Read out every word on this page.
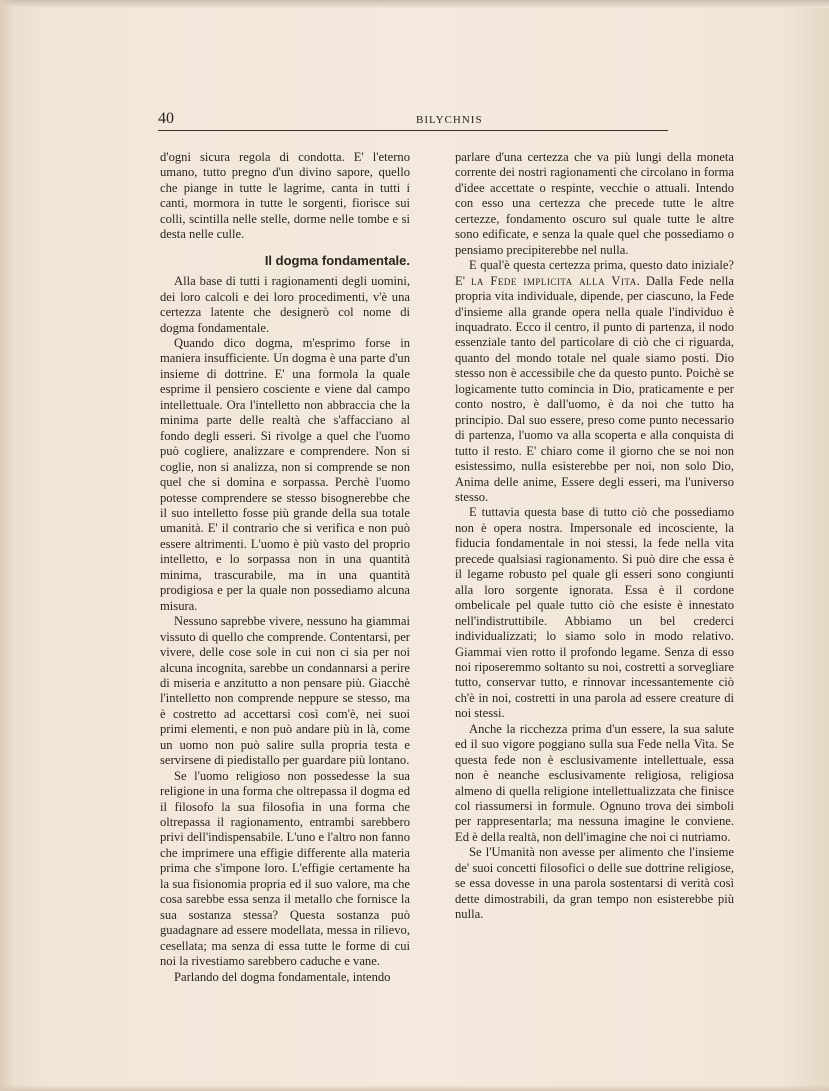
40	BILYCHNIS

d'ogni sicura regola di condotta. E' l'eterno umano, tutto pregno d'un divino sapore, quello che piange in tutte le lagrime, canta in tutti i canti, mormora in tutte le sorgenti, fiorisce sui colli, scintilla nelle stelle, dorme nelle tombe e si desta nelle culle.

Il dogma fondamentale.

Alla base di tutti i ragionamenti degli uomini, dei loro calcoli e dei loro procedimenti, v'è una certezza latente che designerò col nome di dogma fondamentale.

Quando dico dogma, m'esprimo forse in maniera insufficiente. Un dogma è una parte d'un insieme di dottrine. E' una formola la quale esprime il pensiero cosciente e viene dal campo intellettuale. Ora l'intelletto non abbraccia che la minima parte delle realtà che s'affacciano al fondo degli esseri. Si rivolge a quel che l'uomo può cogliere, analizzare e comprendere. Non si coglie, non si analizza, non si comprende se non quel che si domina e sorpassa. Perchè l'uomo potesse comprendere se stesso bisognerebbe che il suo intelletto fosse più grande della sua totale umanità. E' il contrario che si verifica e non può essere altrimenti. L'uomo è più vasto del proprio intelletto, e lo sorpassa non in una quantità minima, trascurabile, ma in una quantità prodigiosa e per la quale non possediamo alcuna misura.

Nessuno saprebbe vivere, nessuno ha giammai vissuto di quello che comprende. Contentarsi, per vivere, delle cose sole in cui non ci sia per noi alcuna incognita, sarebbe un condannarsi a perire di miseria e anzitutto a non pensare più. Giacchè l'intelletto non comprende neppure se stesso, ma è costretto ad accettarsi così com'è, nei suoi primi elementi, e non può andare più in là, come un uomo non può salire sulla propria testa e servirsene di piedistallo per guardare più lontano.

Se l'uomo religioso non possedesse la sua religione in una forma che oltrepassa il dogma ed il filosofo la sua filosofia in una forma che oltrepassa il ragionamento, entrambi sarebbero privi dell'indispensabile. L'uno e l'altro non fanno che imprimere una effigie differente alla materia prima che s'impone loro. L'effigie certamente ha la sua fisionomia propria ed il suo valore, ma che cosa sarebbe essa senza il metallo che fornisce la sua sostanza stessa? Questa sostanza può guadagnare ad essere modellata, messa in rilievo, cesellata; ma senza di essa tutte le forme di cui noi la rivestiamo sarebbero caduche e vane.

Parlando del dogma fondamentale, intendo

parlare d'una certezza che va più lungi della moneta corrente dei nostri ragionamenti che circolano in forma d'idee accettate o respinte, vecchie o attuali. Intendo con esso una certezza che precede tutte le altre certezze, fondamento oscuro sul quale tutte le altre sono edificate, e senza la quale quel che possediamo o pensiamo precipiterebbe nel nulla.

E qual'è questa certezza prima, questo dato iniziale? E' la Fede implicita alla Vita. Dalla Fede nella propria vita individuale, dipende, per ciascuno, la Fede d'insieme alla grande opera nella quale l'individuo è inquadrato. Ecco il centro, il punto di partenza, il nodo essenziale tanto del particolare di ciò che ci riguarda, quanto del mondo totale nel quale siamo posti. Dio stesso non è accessibile che da questo punto. Poichè se logicamente tutto comincia in Dio, praticamente e per conto nostro, è dall'uomo, è da noi che tutto ha principio. Dal suo essere, preso come punto necessario di partenza, l'uomo va alla scoperta e alla conquista di tutto il resto. E' chiaro come il giorno che se noi non esistessimo, nulla esisterebbe per noi, non solo Dio, Anima delle anime, Essere degli esseri, ma l'universo stesso.

E tuttavia questa base di tutto ciò che possediamo non è opera nostra. Impersonale ed incosciente, la fiducia fondamentale in noi stessi, la fede nella vita precede qualsiasi ragionamento. Si può dire che essa è il legame robusto pel quale gli esseri sono congiunti alla loro sorgente ignorata. Essa è il cordone ombelicale pel quale tutto ciò che esiste è innestato nell'indistruttibile. Abbiamo un bel crederci individualizzati; lo siamo solo in modo relativo. Giammai vien rotto il profondo legame. Senza di esso noi riposeremmo soltanto su noi, costretti a sorvegliare tutto, conservar tutto, e rinnovar incessantemente ciò ch'è in noi, costretti in una parola ad essere creature di noi stessi.

Anche la ricchezza prima d'un essere, la sua salute ed il suo vigore poggiano sulla sua Fede nella Vita. Se questa fede non è esclusivamente intellettuale, essa non è neanche esclusivamente religiosa, religiosa almeno di quella religione intellettualizzata che finisce col riassumersi in formule. Ognuno trova dei simboli per rappresentarla; ma nessuna imagine le conviene. Ed è della realtà, non dell'imagine che noi ci nutriamo.

Se l'Umanità non avesse per alimento che l'insieme de' suoi concetti filosofici o delle sue dottrine religiose, se essa dovesse in una parola sostentarsi di verità così dette dimostrabili, da gran tempo non esisterebbe più nulla.
